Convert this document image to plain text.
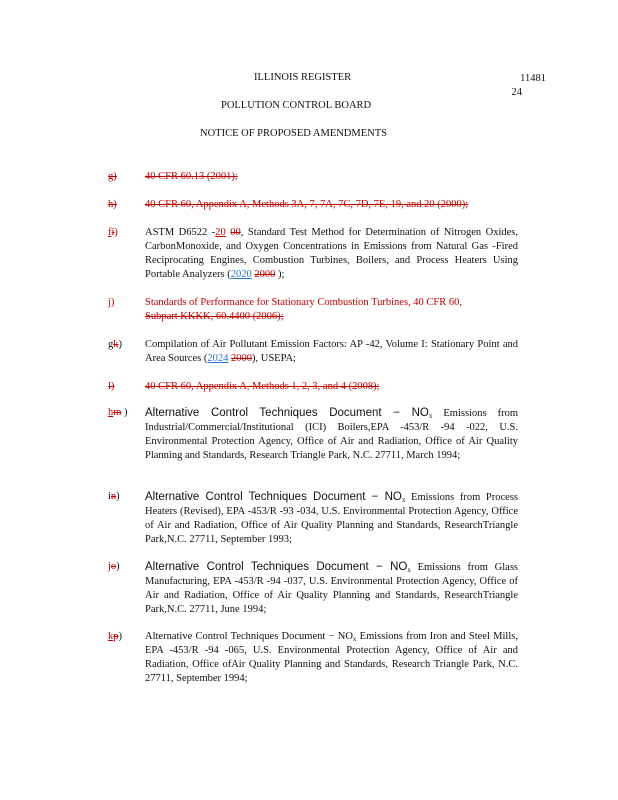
ILLINOIS REGISTER	11481
24
POLLUTION CONTROL BOARD
NOTICE OF PROPOSED AMENDMENTS
g)	40 CFR 60.13 (2001);
h)	40 CFR 60, Appendix A, Methods 3A, 7, 7A, 7C, 7D, 7E, 19, and 20 (2000);
fi)	ASTM D6522 -20 00, Standard Test Method for Determination of Nitrogen Oxides, CarbonMonoxide, and Oxygen Concentrations in Emissions from Natural Gas -Fired Reciprocating Engines, Combustion Turbines, Boilers, and Process Heaters Using Portable Analyzers (2020 2000 );
j)	Standards of Performance for Stationary Combustion Turbines, 40 CFR 60,
Subpart KKKK, 60.4400 (2006);
gk)	Compilation of Air Pollutant Emission Factors: AP -42, Volume I: Stationary Point and Area Sources (2024 2000), USEPA;
l)	40 CFR 60, Appendix A, Methods 1, 2, 3, and 4 (2008);
hm )	Alternative Control Techniques Document − $NO_x$ Emissions from Industrial/Commercial/Institutional (ICI) Boilers,EPA -453/R -94 -022, U.S. Environmental Protection Agency, Office of Air and Radiation, Office of Air Quality Planning and Standards, Research Triangle Park, N.C. 27711, March 1994;
in)	Alternative Control Techniques Document − $NO_x$ Emissions from Process Heaters (Revised), EPA -453/R -93 -034, U.S. Environmental Protection Agency, Office of Air and Radiation, Office of Air Quality Planning and Standards, ResearchTriangle Park,N.C. 27711, September 1993;
jo)	Alternative Control Techniques Document − $NO_x$ Emissions from Glass Manufacturing, EPA -453/R -94 -037, U.S. Environmental Protection Agency, Office of Air and Radiation, Office of Air Quality Planning and Standards, ResearchTriangle Park,N.C. 27711, June 1994;
kp)	Alternative Control Techniques Document − $NO_x$ Emissions from Iron and Steel Mills, EPA -453/R -94 -065, U.S. Environmental Protection Agency, Office of Air and Radiation, Office ofAir Quality Planning and Standards, Research Triangle Park, N.C. 27711, September 1994;
